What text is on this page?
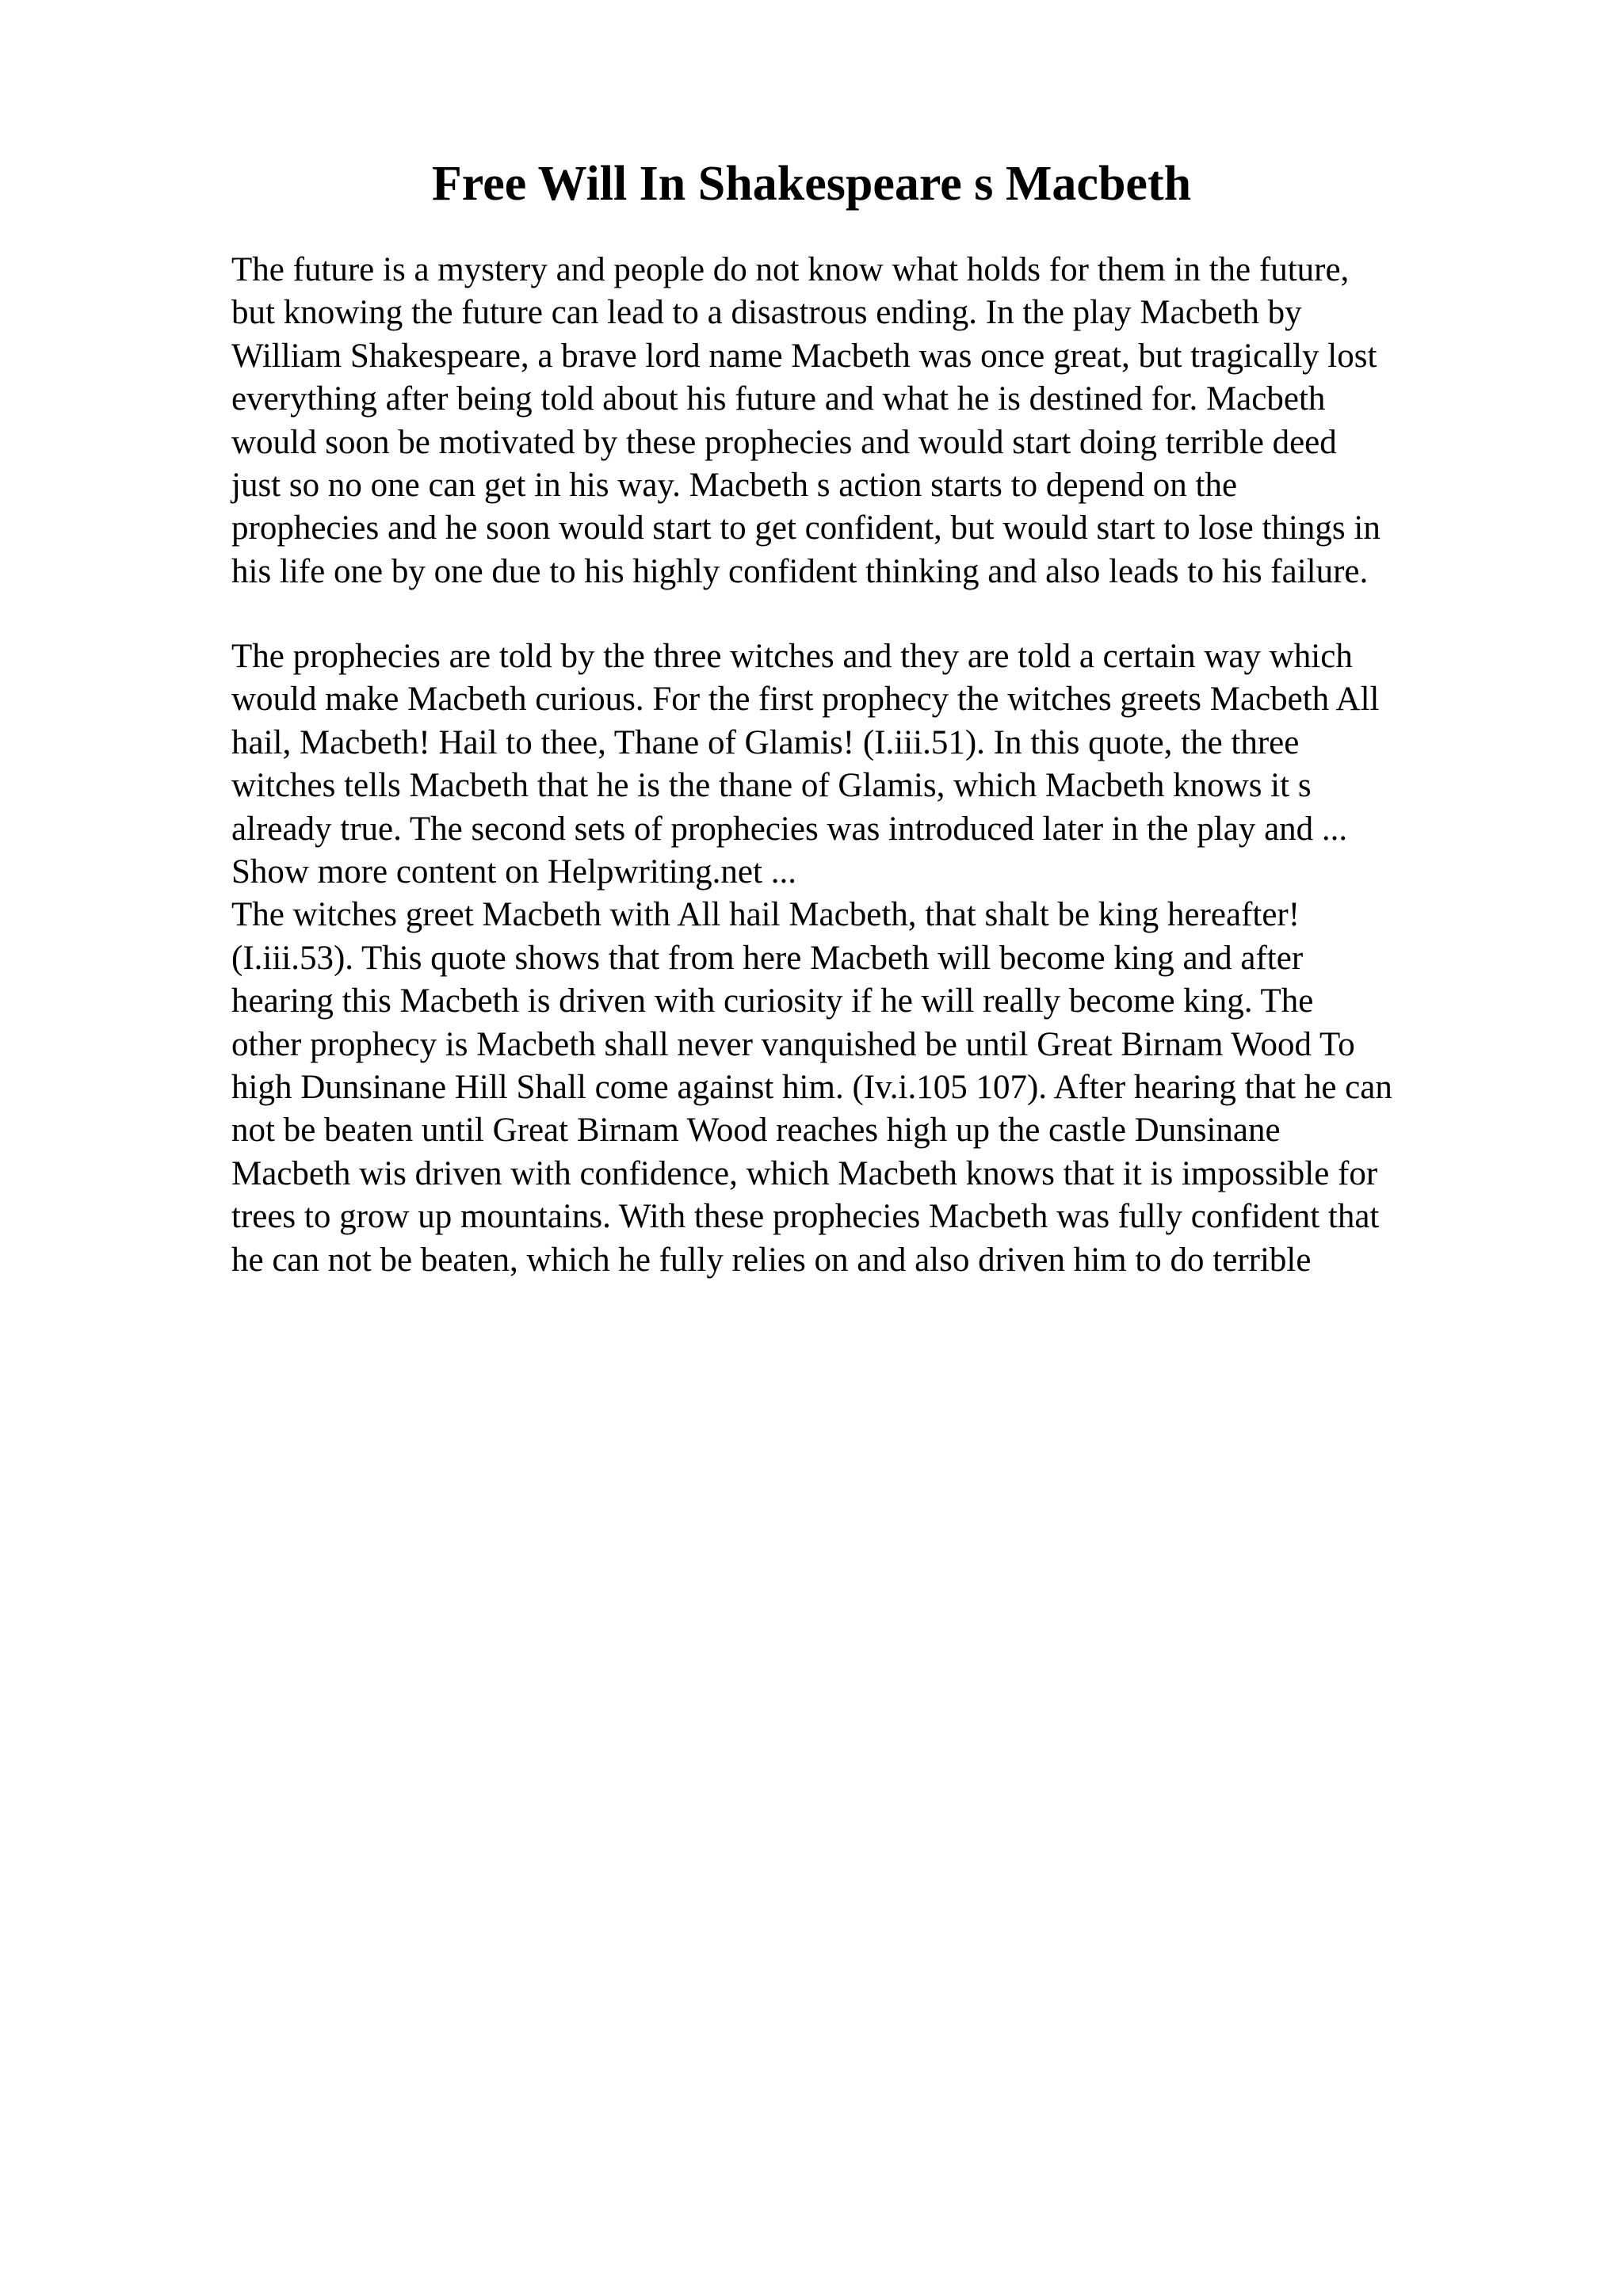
Free Will In Shakespeare s Macbeth
The future is a mystery and people do not know what holds for them in the future,
but knowing the future can lead to a disastrous ending. In the play Macbeth by
William Shakespeare, a brave lord name Macbeth was once great, but tragically lost
everything after being told about his future and what he is destined for. Macbeth
would soon be motivated by these prophecies and would start doing terrible deed
just so no one can get in his way. Macbeth s action starts to depend on the
prophecies and he soon would start to get confident, but would start to lose things in
his life one by one due to his highly confident thinking and also leads to his failure.
The prophecies are told by the three witches and they are told a certain way which
would make Macbeth curious. For the first prophecy the witches greets Macbeth All
hail, Macbeth! Hail to thee, Thane of Glamis! (I.iii.51). In this quote, the three
witches tells Macbeth that he is the thane of Glamis, which Macbeth knows it s
already true. The second sets of prophecies was introduced later in the play and ...
Show more content on Helpwriting.net ...
The witches greet Macbeth with All hail Macbeth, that shalt be king hereafter!
(I.iii.53). This quote shows that from here Macbeth will become king and after
hearing this Macbeth is driven with curiosity if he will really become king. The
other prophecy is Macbeth shall never vanquished be until Great Birnam Wood To
high Dunsinane Hill Shall come against him. (Iv.i.105 107). After hearing that he can
not be beaten until Great Birnam Wood reaches high up the castle Dunsinane
Macbeth wis driven with confidence, which Macbeth knows that it is impossible for
trees to grow up mountains. With these prophecies Macbeth was fully confident that
he can not be beaten, which he fully relies on and also driven him to do terrible
